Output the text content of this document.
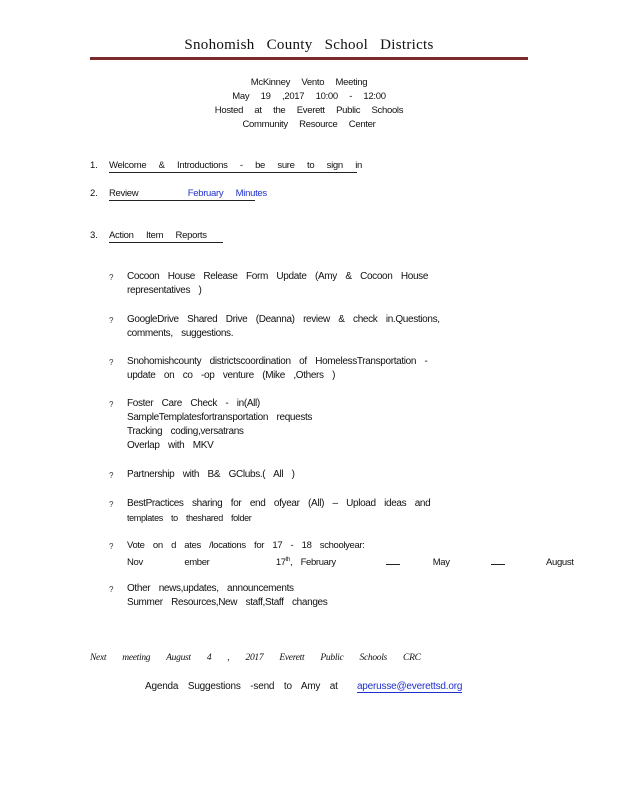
Snohomish County School Districts
McKinney Vento Meeting
May 19 ,2017 10:00 - 12:00
Hosted at the Everett Public Schools
Community Resource Center
1. Welcome & Introductions - be sure to sign in
2. Review	February Minutes
3. Action Item Reports
? Cocoon House Release Form Update (Amy & Cocoon House
representatives )
? GoogleDrive Shared Drive (Deanna) review & check in.Questions,
comments, suggestions.
? Snohomishcounty districtscoordination of HomelessTransportation -
update on co -op venture (Mike ,Others )
? Foster Care Check - in(All)
SampleTemplatesfortransportation requests
Tracking coding,versatrans
Overlap with MKV
? Partnership with B& GClubs.( All )
? BestPractices sharing for end ofyear (All) – Upload ideas and
templates to theshared folder
? Vote on d ates /locations for 17 - 18 schoolyear:
Nov	ember	17th, February	May	August
? Other news,updates, announcements
Summer Resources,New staff,Staff changes
Next meeting August 4 , 2017 Everett Public Schools CRC
Agenda Suggestions -send to Amy at aperusse@everettsd.org
